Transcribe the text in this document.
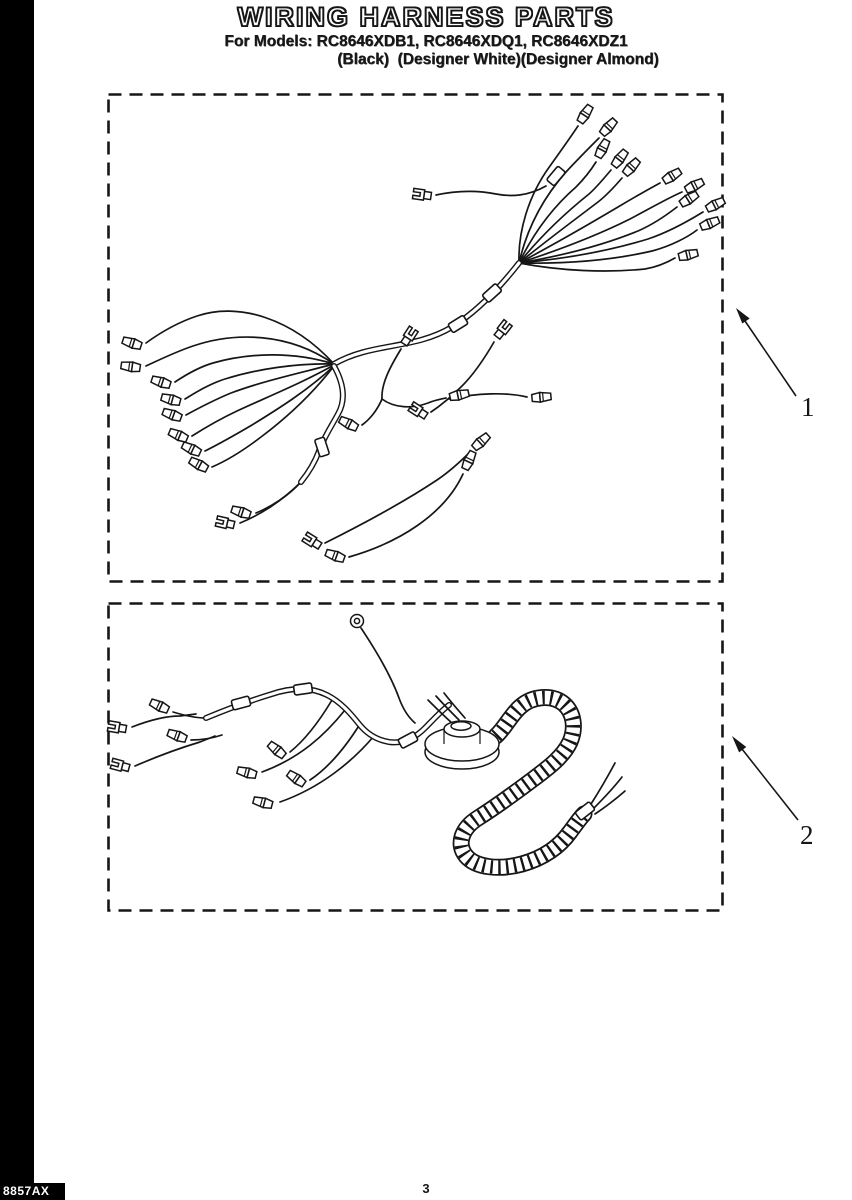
WIRING HARNESS PARTS
For Models: RC8646XDB1, RC8646XDQ1, RC8646XDZ1
(Black)  (Designer White)(Designer Almond)
1
2
3
8857AX
